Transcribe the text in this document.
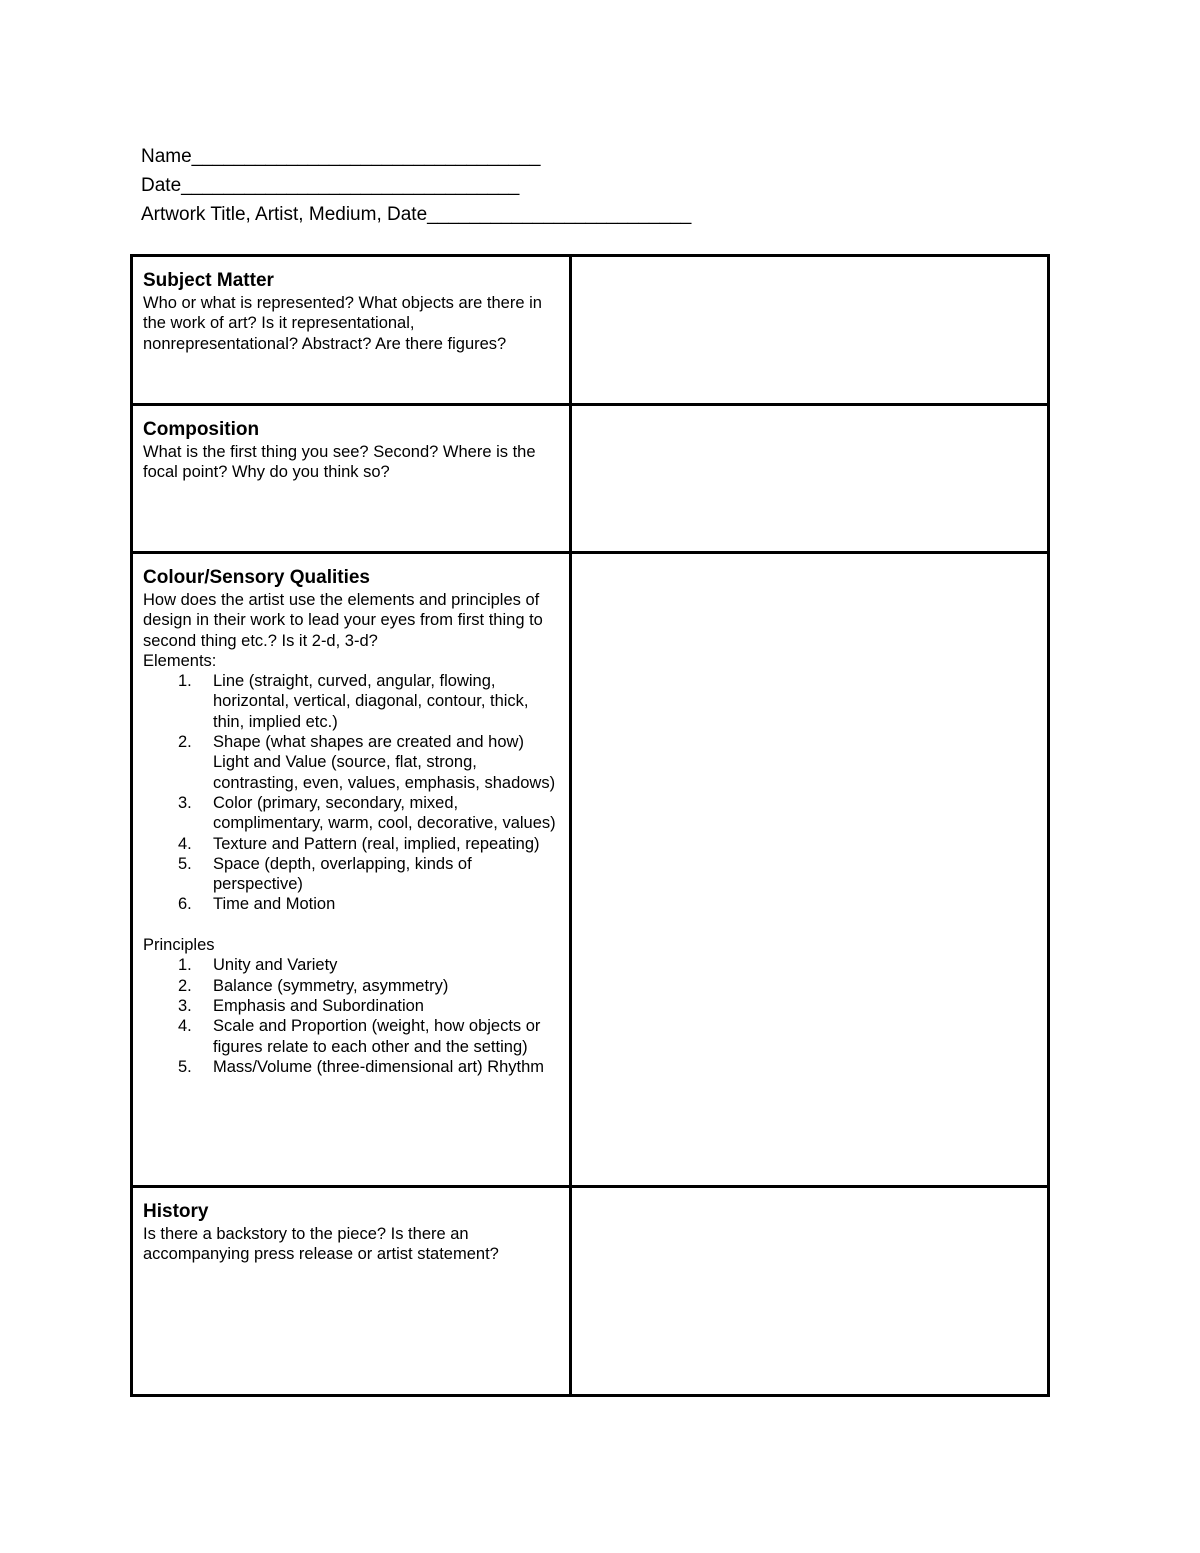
Name_________________________________
Date________________________________
Artwork Title, Artist, Medium, Date_________________________
Subject Matter
Who or what is represented? What objects are there in the work of art? Is it representational, nonrepresentational? Abstract? Are there figures?
Composition
What is the first thing you see? Second? Where is the focal point? Why do you think so?
Colour/Sensory Qualities
How does the artist use the elements and principles of design in their work to lead your eyes from first thing to
second thing etc.? Is it 2-d, 3-d?
Elements:
1. Line (straight, curved, angular, flowing, horizontal, vertical, diagonal, contour, thick, thin, implied etc.)
2. Shape (what shapes are created and how) Light and Value (source, flat, strong, contrasting, even, values, emphasis, shadows)
3. Color (primary, secondary, mixed, complimentary, warm, cool, decorative, values)
4. Texture and Pattern (real, implied, repeating)
5. Space (depth, overlapping, kinds of perspective)
6. Time and Motion
Principles
1. Unity and Variety
2. Balance (symmetry, asymmetry)
3. Emphasis and Subordination
4. Scale and Proportion (weight, how objects or figures relate to each other and the setting)
5. Mass/Volume (three-dimensional art) Rhythm
History
Is there a backstory to the piece? Is there an accompanying press release or artist statement?
